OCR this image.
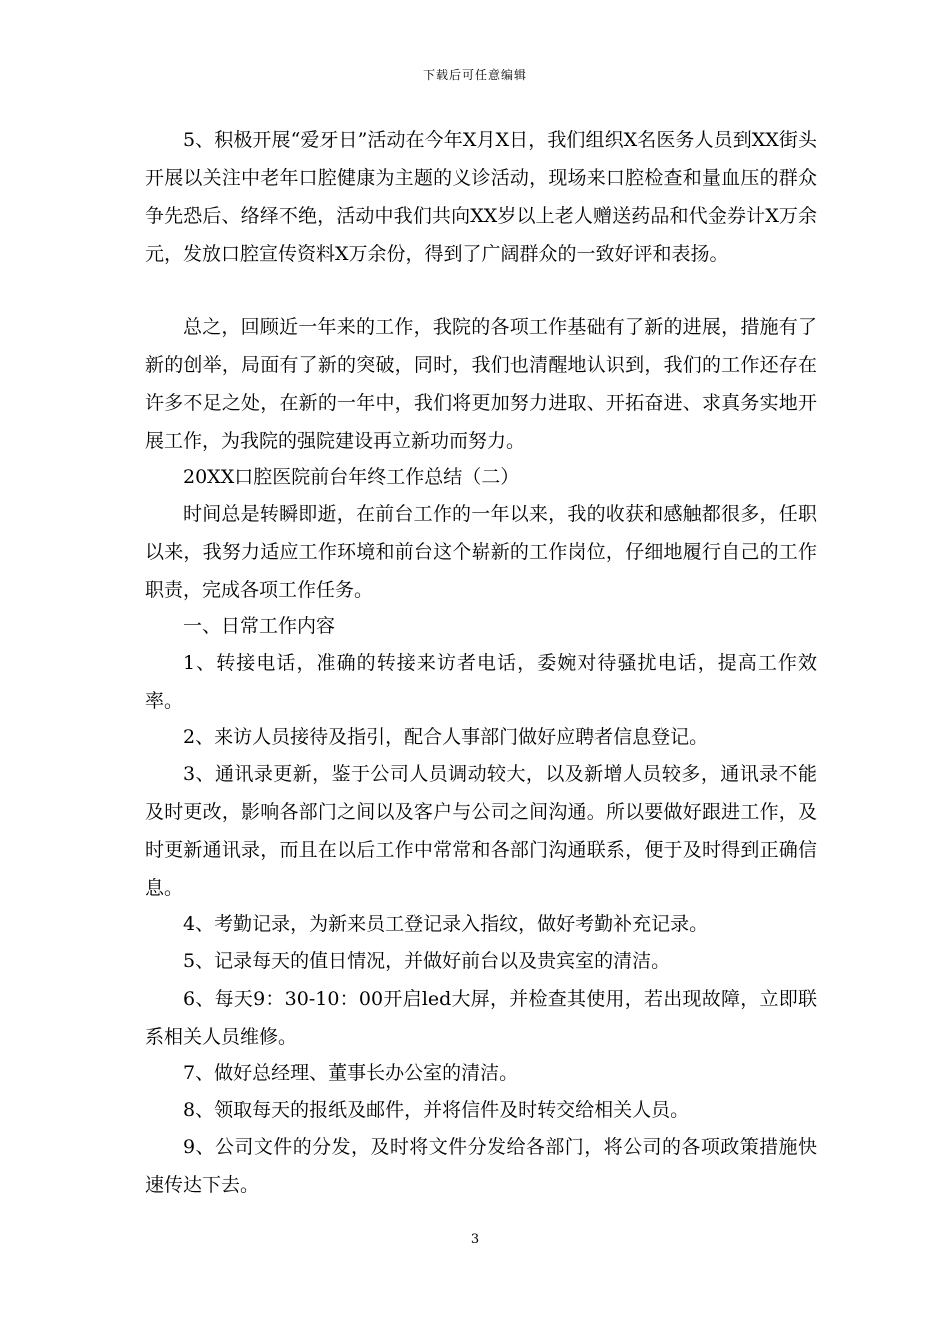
下载后可任意编辑

5、积极开展“爱牙日”活动在今年X月X日，我们组织X名医务人员到XX街头开展以关注中老年口腔健康为主题的义诊活动，现场来口腔检查和量血压的群众争先恐后、络绎不绝，活动中我们共向XX岁以上老人赠送药品和代金券计X万余元，发放口腔宣传资料X万余份，得到了广阔群众的一致好评和表扬。

总之，回顾近一年来的工作，我院的各项工作基础有了新的进展，措施有了新的创举，局面有了新的突破，同时，我们也清醒地认识到，我们的工作还存在许多不足之处，在新的一年中，我们将更加努力进取、开拓奋进、求真务实地开展工作，为我院的强院建设再立新功而努力。

20XX口腔医院前台年终工作总结（二）

时间总是转瞬即逝，在前台工作的一年以来，我的收获和感触都很多，任职以来，我努力适应工作环境和前台这个崭新的工作岗位，仔细地履行自己的工作职责，完成各项工作任务。

一、日常工作内容

1、转接电话，准确的转接来访者电话，委婉对待骚扰电话，提高工作效率。

2、来访人员接待及指引，配合人事部门做好应聘者信息登记。

3、通讯录更新，鉴于公司人员调动较大，以及新增人员较多，通讯录不能及时更改，影响各部门之间以及客户与公司之间沟通。所以要做好跟进工作，及时更新通讯录，而且在以后工作中常常和各部门沟通联系，便于及时得到正确信息。

4、考勤记录，为新来员工登记录入指纹，做好考勤补充记录。

5、记录每天的值日情况，并做好前台以及贵宾室的清洁。

6、每天9：30-10：00开启led大屏，并检查其使用，若出现故障，立即联系相关人员维修。

7、做好总经理、董事长办公室的清洁。

8、领取每天的报纸及邮件，并将信件及时转交给相关人员。

9、公司文件的分发，及时将文件分发给各部门，将公司的各项政策措施快速传达下去。

3
